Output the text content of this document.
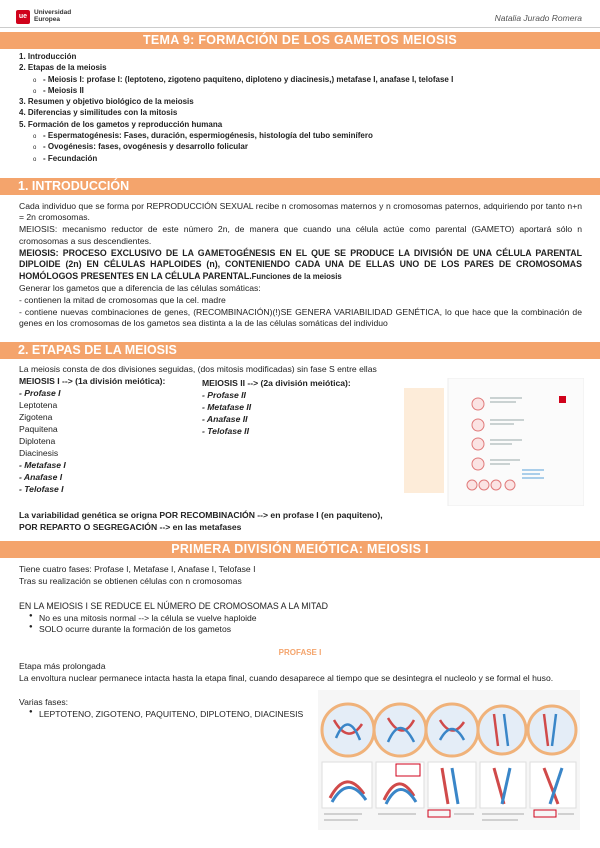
ue
Universidad
Europea	Natalia Jurado Romera
TEMA 9: FORMACIÓN DE LOS GAMETOS MEIOSIS
1. Introducción
2. Etapas de la meiosis
o - Meiosis I: profase I: (leptoteno, zigoteno paquiteno, diploteno y diacinesis,) metafase I, anafase I, telofase I
o - Meiosis II
3. Resumen y objetivo biológico de la meiosis
4. Diferencias y similitudes con la mitosis
5. Formación de los gametos y reproducción humana
o - Espermatogénesis: Fases, duración, espermiogénesis, histología del tubo seminífero
o - Ovogénesis: fases, ovogénesis y desarrollo folicular
o - Fecundación
1. INTRODUCCIÓN

Cada individuo que se forma por REPRODUCCIÓN SEXUAL recibe n cromosomas maternos y n cromosomas paternos, adquiriendo por tanto n+n = 2n cromosomas.

MEIOSIS: mecanismo reductor de este número 2n, de manera que cuando una célula actúe como parental (GAMETO) aportará sólo n cromosomas a sus descendientes.

MEIOSIS: PROCESO EXCLUSIVO DE LA GAMETOGÉNESIS EN EL QUE SE PRODUCE LA DIVISIÓN DE UNA CÉLULA PARENTAL DIPLOIDE (2n) EN CÉLULAS HAPLOIDES (n), CONTENIENDO CADA UNA DE ELLAS UNO DE LOS PARES DE CROMOSOMAS HOMÓLOGOS PRESENTES EN LA CÉLULA PARENTAL.Funciones de la meiosis

Generar los gametos que a diferencia de las células somáticas:

- contienen la mitad de cromosomas que la cel. madre

- contiene nuevas combinaciones de genes, (RECOMBINACIÓN)(!)SE GENERA VARIABILIDAD GENÉTICA, lo que hace que la combinación de genes en los cromosomas de los gametos sea distinta a la de las células somáticas del individuo

2. ETAPAS DE LA MEIOSIS
La meiosis consta de dos divisiones seguidas, (dos mitosis modificadas) sin fase S entre ellas
MEIOSIS I --> (1a división meiótica):
- Profase I
Leptotena
Zigotena
Paquitena
Diplotena
Diacinesis
- Metafase I
- Anafase I
- Telofase I
MEIOSIS II --> (2a división meiótica):
- Profase II
- Metafase II
- Anafase II
- Telofase II
La variabilidad genética se origna POR RECOMBINACIÓN --> en profase I (en paquiteno),
POR REPARTO O SEGREGACIÓN --> en las metafases
PRIMERA DIVISIÓN MEIÓTICA: MEIOSIS I
Tiene cuatro fases: Profase I, Metafase I, Anafase I, Telofase I
Tras su realización se obtienen células con n cromosomas
EN LA MEIOSIS I SE REDUCE EL NÚMERO DE CROMOSOMAS A LA MITAD
● No es una mitosis normal --> la célula se vuelve haploide
● SOLO ocurre durante la formación de los gametos
PROFASE I
Etapa más prolongada
La envoltura nuclear permanece intacta hasta la etapa final, cuando desaparece al tiempo que se desintegra el nucleolo y se formal el huso.
Varias fases:
● LEPTOTENO, ZIGOTENO, PAQUITENO, DIPLOTENO, DIACINESIS
